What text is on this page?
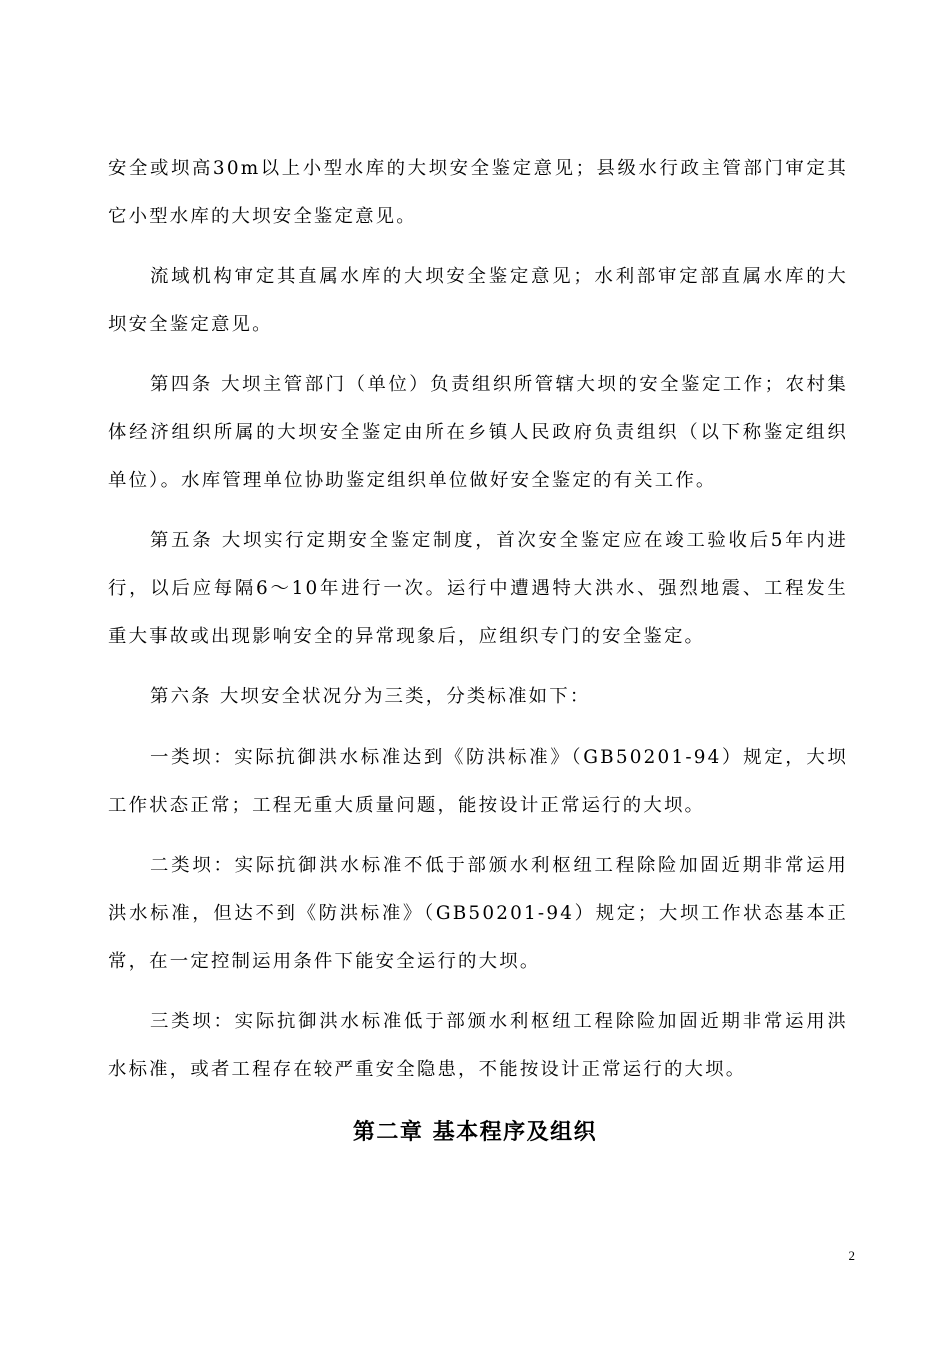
安全或坝高30m以上小型水库的大坝安全鉴定意见；县级水行政主管部门审定其它小型水库的大坝安全鉴定意见。
流域机构审定其直属水库的大坝安全鉴定意见；水利部审定部直属水库的大坝安全鉴定意见。
第四条 大坝主管部门（单位）负责组织所管辖大坝的安全鉴定工作；农村集体经济组织所属的大坝安全鉴定由所在乡镇人民政府负责组织（以下称鉴定组织单位）。水库管理单位协助鉴定组织单位做好安全鉴定的有关工作。
第五条 大坝实行定期安全鉴定制度，首次安全鉴定应在竣工验收后5年内进行，以后应每隔6～10年进行一次。运行中遭遇特大洪水、强烈地震、工程发生重大事故或出现影响安全的异常现象后，应组织专门的安全鉴定。
第六条 大坝安全状况分为三类，分类标准如下：
一类坝：实际抗御洪水标准达到《防洪标准》（GB50201-94）规定，大坝工作状态正常；工程无重大质量问题，能按设计正常运行的大坝。
二类坝：实际抗御洪水标准不低于部颁水利枢纽工程除险加固近期非常运用洪水标准，但达不到《防洪标准》（GB50201-94）规定；大坝工作状态基本正常，在一定控制运用条件下能安全运行的大坝。
三类坝：实际抗御洪水标准低于部颁水利枢纽工程除险加固近期非常运用洪水标准，或者工程存在较严重安全隐患，不能按设计正常运行的大坝。
第二章 基本程序及组织
2
